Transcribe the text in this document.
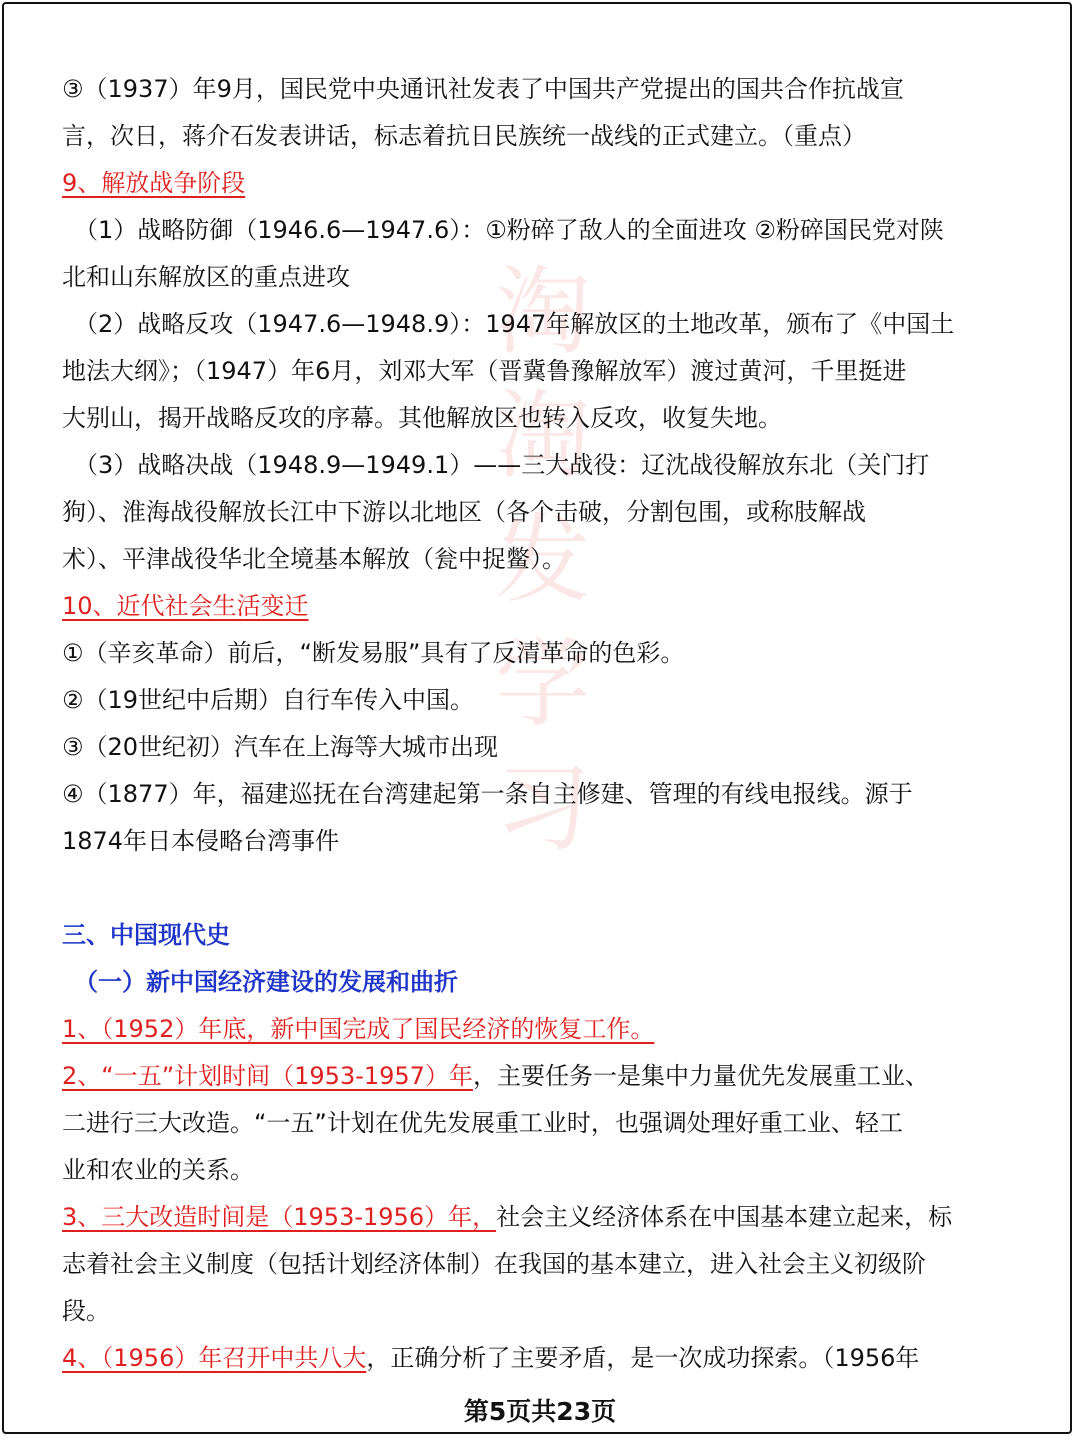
淘
淘
发
学
习

③（1937）年9月，国民党中央通讯社发表了中国共产党提出的国共合作抗战宣

言，次日，蒋介石发表讲话，标志着抗日民族统一战线的正式建立。（重点）

9、解放战争阶段

（1）战略防御（1946.6—1947.6）：①粉碎了敌人的全面进攻 ②粉碎国民党对陕

北和山东解放区的重点进攻

（2）战略反攻（1947.6—1948.9）：1947年解放区的土地改革，颁布了《中国土

地法大纲》；（1947）年6月，刘邓大军（晋冀鲁豫解放军）渡过黄河，千里挺进

大别山，揭开战略反攻的序幕。其他解放区也转入反攻，收复失地。

（3）战略决战（1948.9—1949.1）——三大战役：辽沈战役解放东北（关门打

狗）、淮海战役解放长江中下游以北地区（各个击破，分割包围，或称肢解战

术）、平津战役华北全境基本解放（瓮中捉鳖）。

10、近代社会生活变迁

①（辛亥革命）前后，“断发易服”具有了反清革命的色彩。

②（19世纪中后期）自行车传入中国。

③（20世纪初）汽车在上海等大城市出现

④（1877）年，福建巡抚在台湾建起第一条自主修建、管理的有线电报线。源于

1874年日本侵略台湾事件

三、中国现代史

（一）新中国经济建设的发展和曲折

1、（1952）年底，新中国完成了国民经济的恢复工作。

2、“一五”计划时间（1953-1957）年，主要任务一是集中力量优先发展重工业、

二进行三大改造。“一五”计划在优先发展重工业时，也强调处理好重工业、轻工

业和农业的关系。

3、三大改造时间是（1953-1956）年，社会主义经济体系在中国基本建立起来，标

志着社会主义制度（包括计划经济体制）在我国的基本建立，进入社会主义初级阶

段。

4、（1956）年召开中共八大，正确分析了主要矛盾，是一次成功探索。（1956年

第5页共23页
